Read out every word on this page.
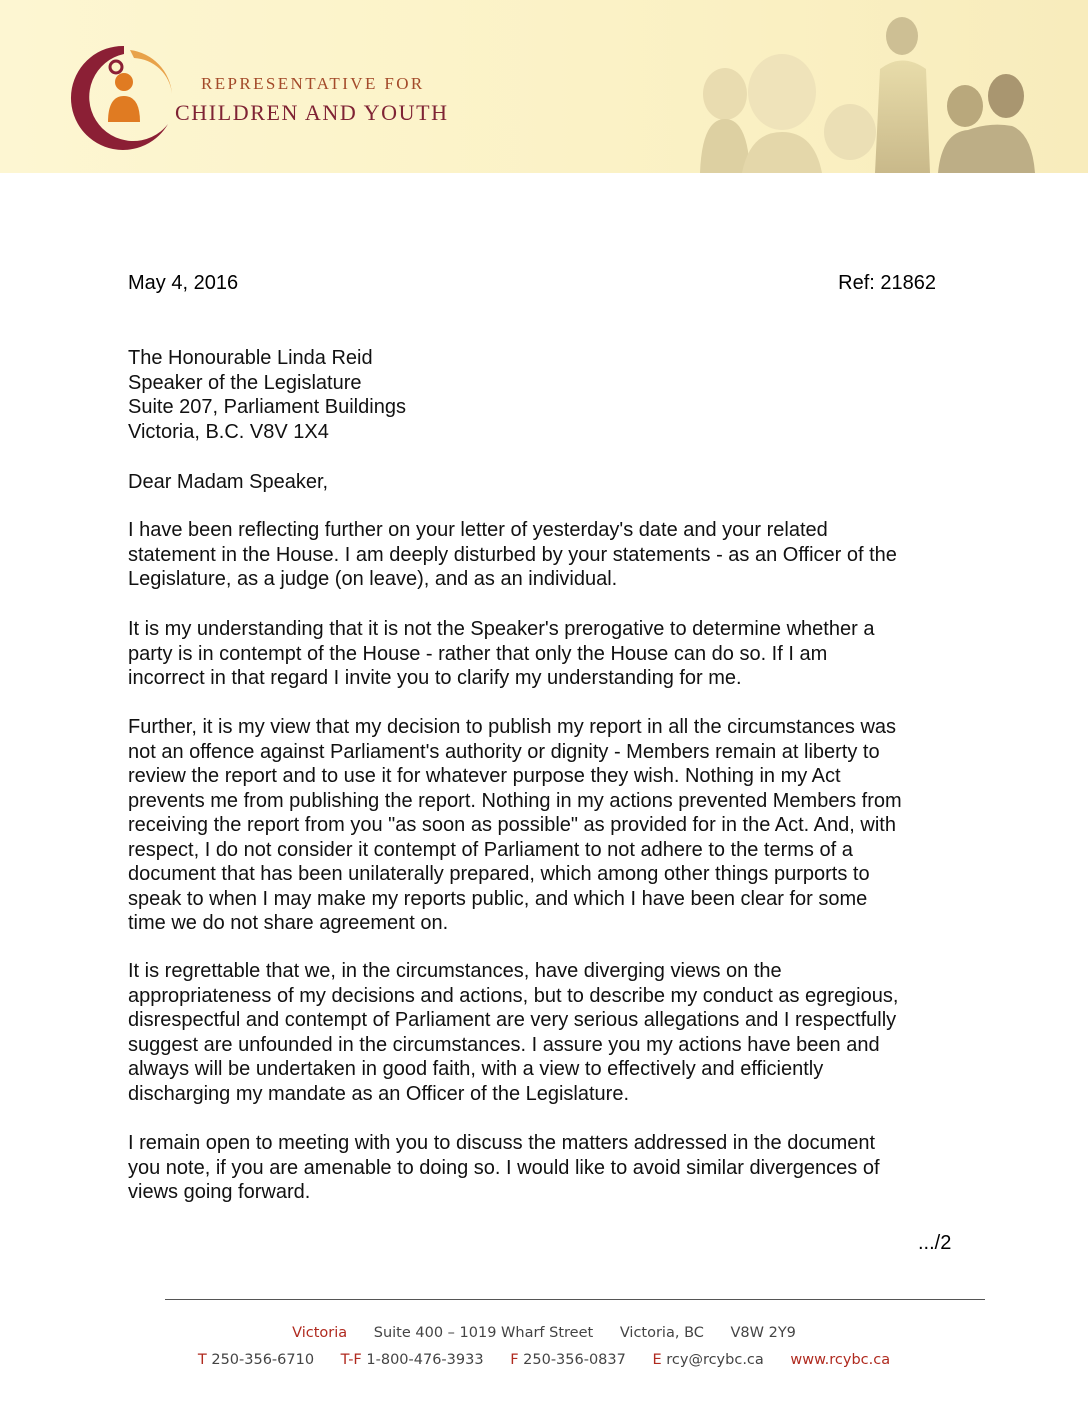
REPRESENTATIVE FOR
CHILDREN AND YOUTH
May 4, 2016	Ref: 21862
The Honourable Linda Reid
Speaker of the Legislature
Suite 207, Parliament Buildings
Victoria, B.C. V8V 1X4
Dear Madam Speaker,
I have been reflecting further on your letter of yesterday's date and your related
statement in the House. I am deeply disturbed by your statements - as an Officer of the
Legislature, as a judge (on leave), and as an individual.
It is my understanding that it is not the Speaker's prerogative to determine whether a
party is in contempt of the House - rather that only the House can do so. If I am
incorrect in that regard I invite you to clarify my understanding for me.
Further, it is my view that my decision to publish my report in all the circumstances was
not an offence against Parliament's authority or dignity - Members remain at liberty to
review the report and to use it for whatever purpose they wish. Nothing in my Act
prevents me from publishing the report. Nothing in my actions prevented Members from
receiving the report from you "as soon as possible" as provided for in the Act. And, with
respect, I do not consider it contempt of Parliament to not adhere to the terms of a
document that has been unilaterally prepared, which among other things purports to
speak to when I may make my reports public, and which I have been clear for some
time we do not share agreement on.
It is regrettable that we, in the circumstances, have diverging views on the
appropriateness of my decisions and actions, but to describe my conduct as egregious,
disrespectful and contempt of Parliament are very serious allegations and I respectfully
suggest are unfounded in the circumstances. I assure you my actions have been and
always will be undertaken in good faith, with a view to effectively and efficiently
discharging my mandate as an Officer of the Legislature.
I remain open to meeting with you to discuss the matters addressed in the document
you note, if you are amenable to doing so. I would like to avoid similar divergences of
views going forward.
.../2
Victoria Suite 400 – 1019 Wharf Street Victoria, BC V8W 2Y9
T 250-356-6710 T-F 1-800-476-3933 F 250-356-0837 E rcy@rcybc.ca www.rcybc.ca
